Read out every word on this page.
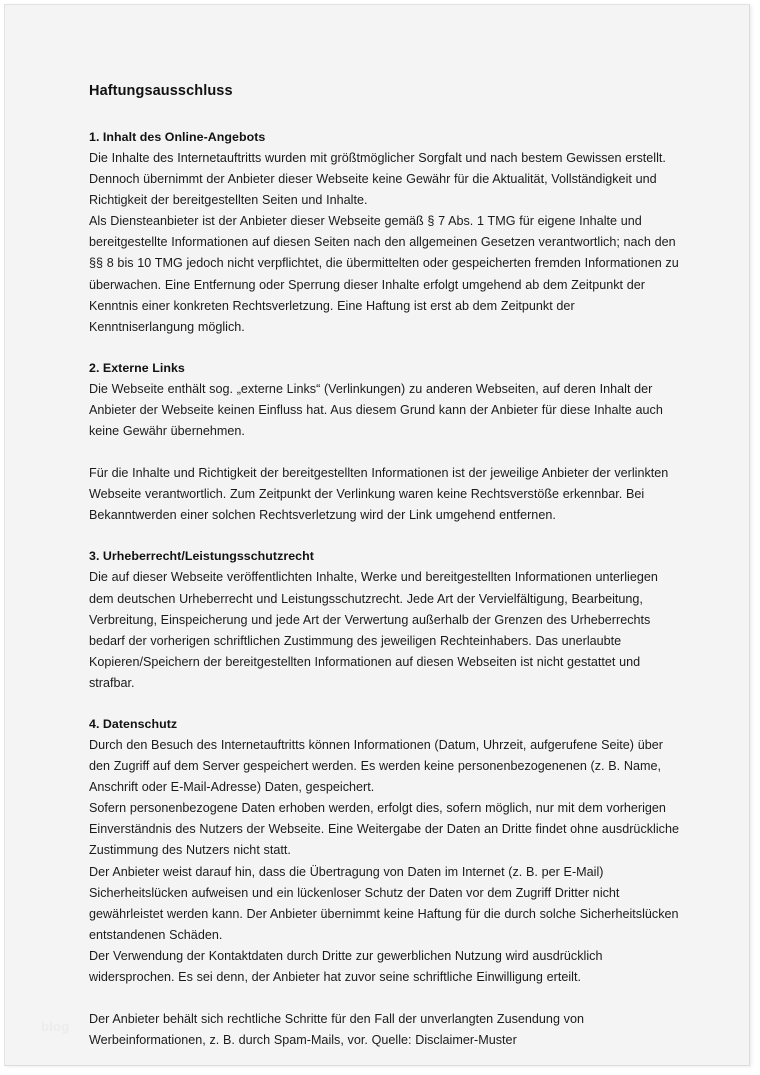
Haftungsausschluss

1. Inhalt des Online-Angebots

Die Inhalte des Internetauftritts wurden mit größtmöglicher Sorgfalt und nach bestem Gewissen erstellt. Dennoch übernimmt der Anbieter dieser Webseite keine Gewähr für die Aktualität, Vollständigkeit und Richtigkeit der bereitgestellten Seiten und Inhalte.

Als Diensteanbieter ist der Anbieter dieser Webseite gemäß § 7 Abs. 1 TMG für eigene Inhalte und bereitgestellte Informationen auf diesen Seiten nach den allgemeinen Gesetzen verantwortlich; nach den §§ 8 bis 10 TMG jedoch nicht verpflichtet, die übermittelten oder gespeicherten fremden Informationen zu überwachen. Eine Entfernung oder Sperrung dieser Inhalte erfolgt umgehend ab dem Zeitpunkt der Kenntnis einer konkreten Rechtsverletzung. Eine Haftung ist erst ab dem Zeitpunkt der Kenntniserlangung möglich.

2. Externe Links

Die Webseite enthält sog. „externe Links“ (Verlinkungen) zu anderen Webseiten, auf deren Inhalt der Anbieter der Webseite keinen Einfluss hat. Aus diesem Grund kann der Anbieter für diese Inhalte auch keine Gewähr übernehmen.

Für die Inhalte und Richtigkeit der bereitgestellten Informationen ist der jeweilige Anbieter der verlinkten Webseite verantwortlich. Zum Zeitpunkt der Verlinkung waren keine Rechtsverstöße erkennbar. Bei Bekanntwerden einer solchen Rechtsverletzung wird der Link umgehend entfernen.

3. Urheberrecht/Leistungsschutzrecht

Die auf dieser Webseite veröffentlichten Inhalte, Werke und bereitgestellten Informationen unterliegen dem deutschen Urheberrecht und Leistungsschutzrecht. Jede Art der Vervielfältigung, Bearbeitung, Verbreitung, Einspeicherung und jede Art der Verwertung außerhalb der Grenzen des Urheberrechts bedarf der vorherigen schriftlichen Zustimmung des jeweiligen Rechteinhabers. Das unerlaubte Kopieren/Speichern der bereitgestellten Informationen auf diesen Webseiten ist nicht gestattet und strafbar.

4. Datenschutz

Durch den Besuch des Internetauftritts können Informationen (Datum, Uhrzeit, aufgerufene Seite) über den Zugriff auf dem Server gespeichert werden. Es werden keine personenbezogenenen (z. B. Name, Anschrift oder E-Mail-Adresse) Daten, gespeichert.

Sofern personenbezogene Daten erhoben werden, erfolgt dies, sofern möglich, nur mit dem vorherigen Einverständnis des Nutzers der Webseite. Eine Weitergabe der Daten an Dritte findet ohne ausdrückliche Zustimmung des Nutzers nicht statt.

Der Anbieter weist darauf hin, dass die Übertragung von Daten im Internet (z. B. per E-Mail) Sicherheitslücken aufweisen und ein lückenloser Schutz der Daten vor dem Zugriff Dritter nicht gewährleistet werden kann. Der Anbieter übernimmt keine Haftung für die durch solche Sicherheitslücken entstandenen Schäden.

Der Verwendung der Kontaktdaten durch Dritte zur gewerblichen Nutzung wird ausdrücklich widersprochen. Es sei denn, der Anbieter hat zuvor seine schriftliche Einwilligung erteilt.

Der Anbieter behält sich rechtliche Schritte für den Fall der unverlangten Zusendung von Werbeinformationen, z. B. durch Spam-Mails, vor. Quelle: Disclaimer-Muster

blog
